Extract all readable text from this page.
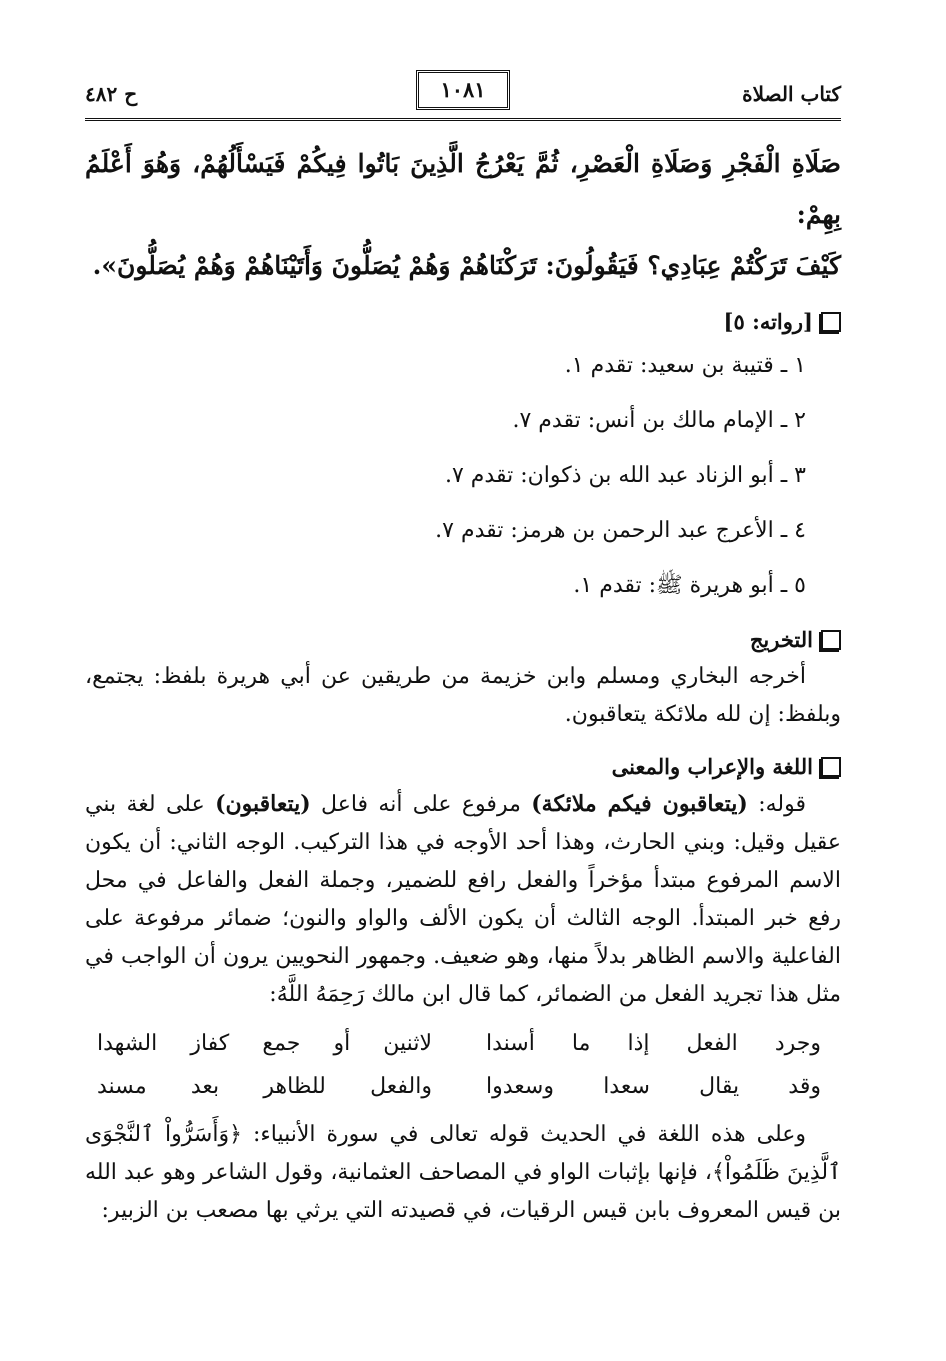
كتاب الصلاة
١٠٨١
ح ٤٨٢

صَلَاةِ الْفَجْرِ وَصَلَاةِ الْعَصْرِ، ثُمَّ يَعْرُجُ الَّذِينَ بَاتُوا فِيكُمْ فَيَسْأَلُهُمْ، وَهُوَ أَعْلَمُ بِهِمْ:

كَيْفَ تَرَكْتُمْ عِبَادِي؟ فَيَقُولُونَ: تَرَكْنَاهُمْ وَهُمْ يُصَلُّونَ وَأَتَيْنَاهُمْ وَهُمْ يُصَلُّونَ».

[رواته: ٥]
١ ـ قتيبة بن سعيد: تقدم ١.
٢ ـ الإمام مالك بن أنس: تقدم ٧.
٣ ـ أبو الزناد عبد الله بن ذكوان: تقدم ٧.
٤ ـ الأعرج عبد الرحمن بن هرمز: تقدم ٧.
٥ ـ أبو هريرة ﷺ: تقدم ١.
التخريج

أخرجه البخاري ومسلم وابن خزيمة من طريقين عن أبي هريرة بلفظ: يجتمع، وبلفظ: إن لله ملائكة يتعاقبون.

اللغة والإعراب والمعنى

قوله: (يتعاقبون فيكم ملائكة) مرفوع على أنه فاعل (يتعاقبون) على لغة بني عقيل وقيل: وبني الحارث، وهذا أحد الأوجه في هذا التركيب. الوجه الثاني: أن يكون الاسم المرفوع مبتدأ مؤخراً والفعل رافع للضمير، وجملة الفعل والفاعل في محل رفع خبر المبتدأ. الوجه الثالث أن يكون الألف والواو والنون؛ ضمائر مرفوعة على الفاعلية والاسم الظاهر بدلاً منها، وهو ضعيف. وجمهور النحويين يرون أن الواجب في مثل هذا تجريد الفعل من الضمائر، كما قال ابن مالك رَحِمَهُ اللَّهُ:

وجرد الفعل إذا ما أسندا
لاثنين أو جمع كفاز الشهدا
وقد يقال سعدا وسعدوا
والفعل للظاهر بعد مسند

وعلى هذه اللغة في الحديث قوله تعالى في سورة الأنبياء: ﴿وَأَسَرُّواْ ٱلنَّجْوَى ٱلَّذِينَ ظَلَمُواْ﴾، فإنها بإثبات الواو في المصاحف العثمانية، وقول الشاعر وهو عبد الله بن قيس المعروف بابن قيس الرقيات، في قصيدته التي يرثي بها مصعب بن الزبير:
